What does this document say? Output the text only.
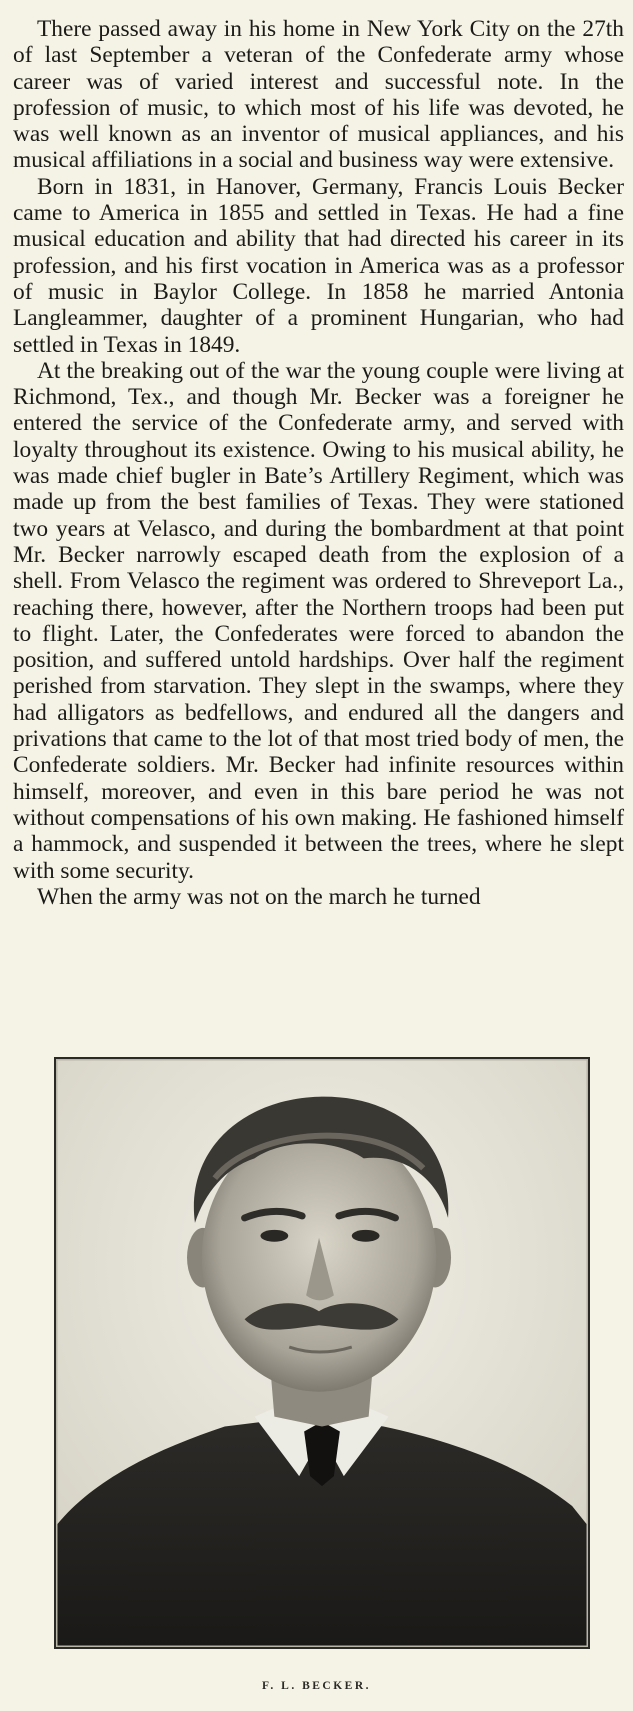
There passed away in his home in New York City on the 27th of last September a veteran of the Confederate army whose career was of varied interest and successful note. In the profession of music, to which most of his life was devoted, he was well known as an inventor of musical appliances, and his musical affiliations in a social and business way were extensive.

Born in 1831, in Hanover, Germany, Francis Louis Becker came to America in 1855 and settled in Texas. He had a fine musical education and ability that had directed his career in its profession, and his first vocation in America was as a professor of music in Baylor College. In 1858 he married Antonia Langleammer, daughter of a prominent Hungarian, who had settled in Texas in 1849.

At the breaking out of the war the young couple were living at Richmond, Tex., and though Mr. Becker was a foreigner he entered the service of the Confederate army, and served with loyalty throughout its existence. Owing to his musical ability, he was made chief bugler in Bate’s Artillery Regiment, which was made up from the best families of Texas. They were stationed two years at Velasco, and during the bombardment at that point Mr. Becker narrowly escaped death from the explosion of a shell. From Velasco the regiment was ordered to Shreveport La., reaching there, however, after the Northern troops had been put to flight. Later, the Confederates were forced to abandon the position, and suffered untold hardships. Over half the regiment perished from starvation. They slept in the swamps, where they had alligators as bedfellows, and endured all the dangers and privations that came to the lot of that most tried body of men, the Confederate soldiers. Mr. Becker had infinite resources within himself, moreover, and even in this bare period he was not without compensations of his own making. He fashioned himself a hammock, and suspended it between the trees, where he slept with some security.

When the army was not on the march he turned

F. L. BECKER.
